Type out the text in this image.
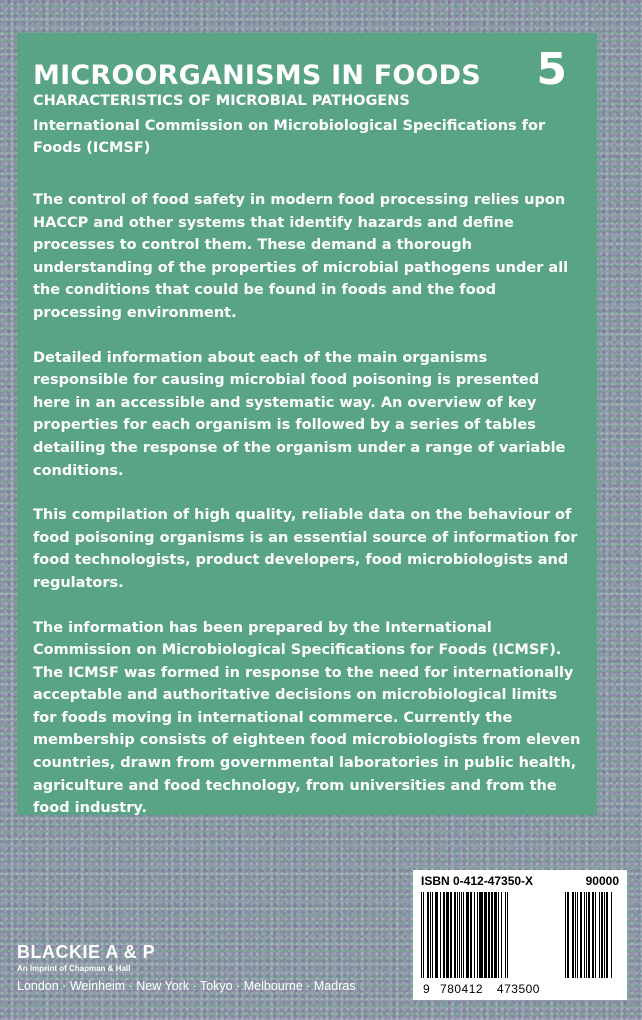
MICROORGANISMS IN FOODS 5
CHARACTERISTICS OF MICROBIAL PATHOGENS
International Commission on Microbiological Specifications for Foods (ICMSF)

The control of food safety in modern food processing relies upon HACCP and other systems that identify hazards and define processes to control them. These demand a thorough understanding of the properties of microbial pathogens under all the conditions that could be found in foods and the food processing environment.

Detailed information about each of the main organisms responsible for causing microbial food poisoning is presented here in an accessible and systematic way. An overview of key properties for each organism is followed by a series of tables detailing the response of the organism under a range of variable conditions.

This compilation of high quality, reliable data on the behaviour of food poisoning organisms is an essential source of information for food technologists, product developers, food microbiologists and regulators.

The information has been prepared by the International Commission on Microbiological Specifications for Foods (ICMSF). The ICMSF was formed in response to the need for internationally acceptable and authoritative decisions on microbiological limits for foods moving in international commerce. Currently the membership consists of eighteen food microbiologists from eleven countries, drawn from governmental laboratories in public health, agriculture and food technology, from universities and from the food industry.

ISBN 0-412-47350-X	90000
9 780412 473500
BLACKIE A & P
An Imprint of Chapman & Hall
London · Weinheim · New York · Tokyo · Melbourne · Madras
